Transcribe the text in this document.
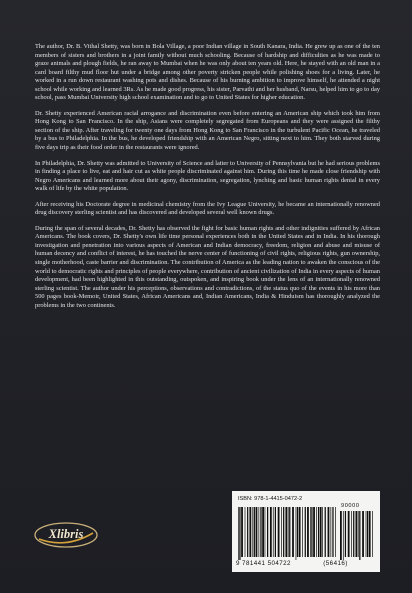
The author, Dr. B. Vithal Shetty, was born in Bola Village, a poor Indian village in South Kanara, India. He grew up as one of the ten members of sisters and brothers in a joint family without much schooling. Because of hardship and difficulties as he was made to graze animals and plough fields, he ran away to Mumbai when he was only about ten years old. Here, he stayed with an old man in a card board filthy mud floor hut under a bridge among other poverty stricken people while polishing shoes for a living. Later, he worked in a run down restaurant washing pots and dishes. Because of his burning ambition to improve himself, he attended a night school while working and learned 3Rs. As he made good progress, his sister, Parvathi and her husband, Narsu, helped him to go to day school, pass Mumbai University high school examination and to go to United States for higher education.

Dr. Shetty experienced American racial arrogance and discrimination even before entering an American ship which took him from Hong Kong to San Francisco. In the ship, Asians were completely segregated from Europeans and they were assigned the filthy section of the ship. After traveling for twenty one days from Hong Kong to San Francisco in the turbulent Pacific Ocean, he traveled by a bus to Philadelphia. In the bus, he developed friendship with an American Negro, sitting next to him. They both starved during five days trip as their food order in the restaurants were ignored.

In Philadelphia, Dr. Shetty was admitted to University of Science and latter to University of Pennsylvania but he had serious problems in finding a place to live, eat and hair cut as white people discriminated against him. During this time he made close friendship with Negro Americans and learned more about their agony, discrimination, segregation, lynching and basic human rights denial in every walk of life by the white population.

After receiving his Doctorate degree in medicinal chemistry from the Ivy League University, he became an internationally renowned drug discovery sterling scientist and has discovered and developed several well known drugs.

During the span of several decades, Dr. Shetty has observed the fight for basic human rights and other indignities suffered by African Americans. The book covers, Dr. Shetty's own life time personal experiences both in the United States and in India. In his thorough investigation and penetration into various aspects of American and Indian democracy, freedom, religion and abuse and misuse of human decency and conflict of interest, he has touched the nerve center of functioning of civil rights, religious rights, gun ownership, single motherhood, caste barrier and discrimination. The contribution of America as the leading nation to awaken the conscious of the world to democratic rights and principles of people everywhere, contribution of ancient civilization of India in every aspects of human development, had been highlighted in this outstanding, outspoken, and inspiring book under the lens of an internationally renowned sterling scientist. The author under his perceptions, observations and contradictions, of the status quo of the events in his more than 500 pages book-Memoir, United States, African Americans and, Indian Americans, India & Hinduism has thoroughly analyzed the problems in the two continents.

Xlibris
ISBN: 978-1-4415-0472-2
90000
9 781441 504722	(56416)
